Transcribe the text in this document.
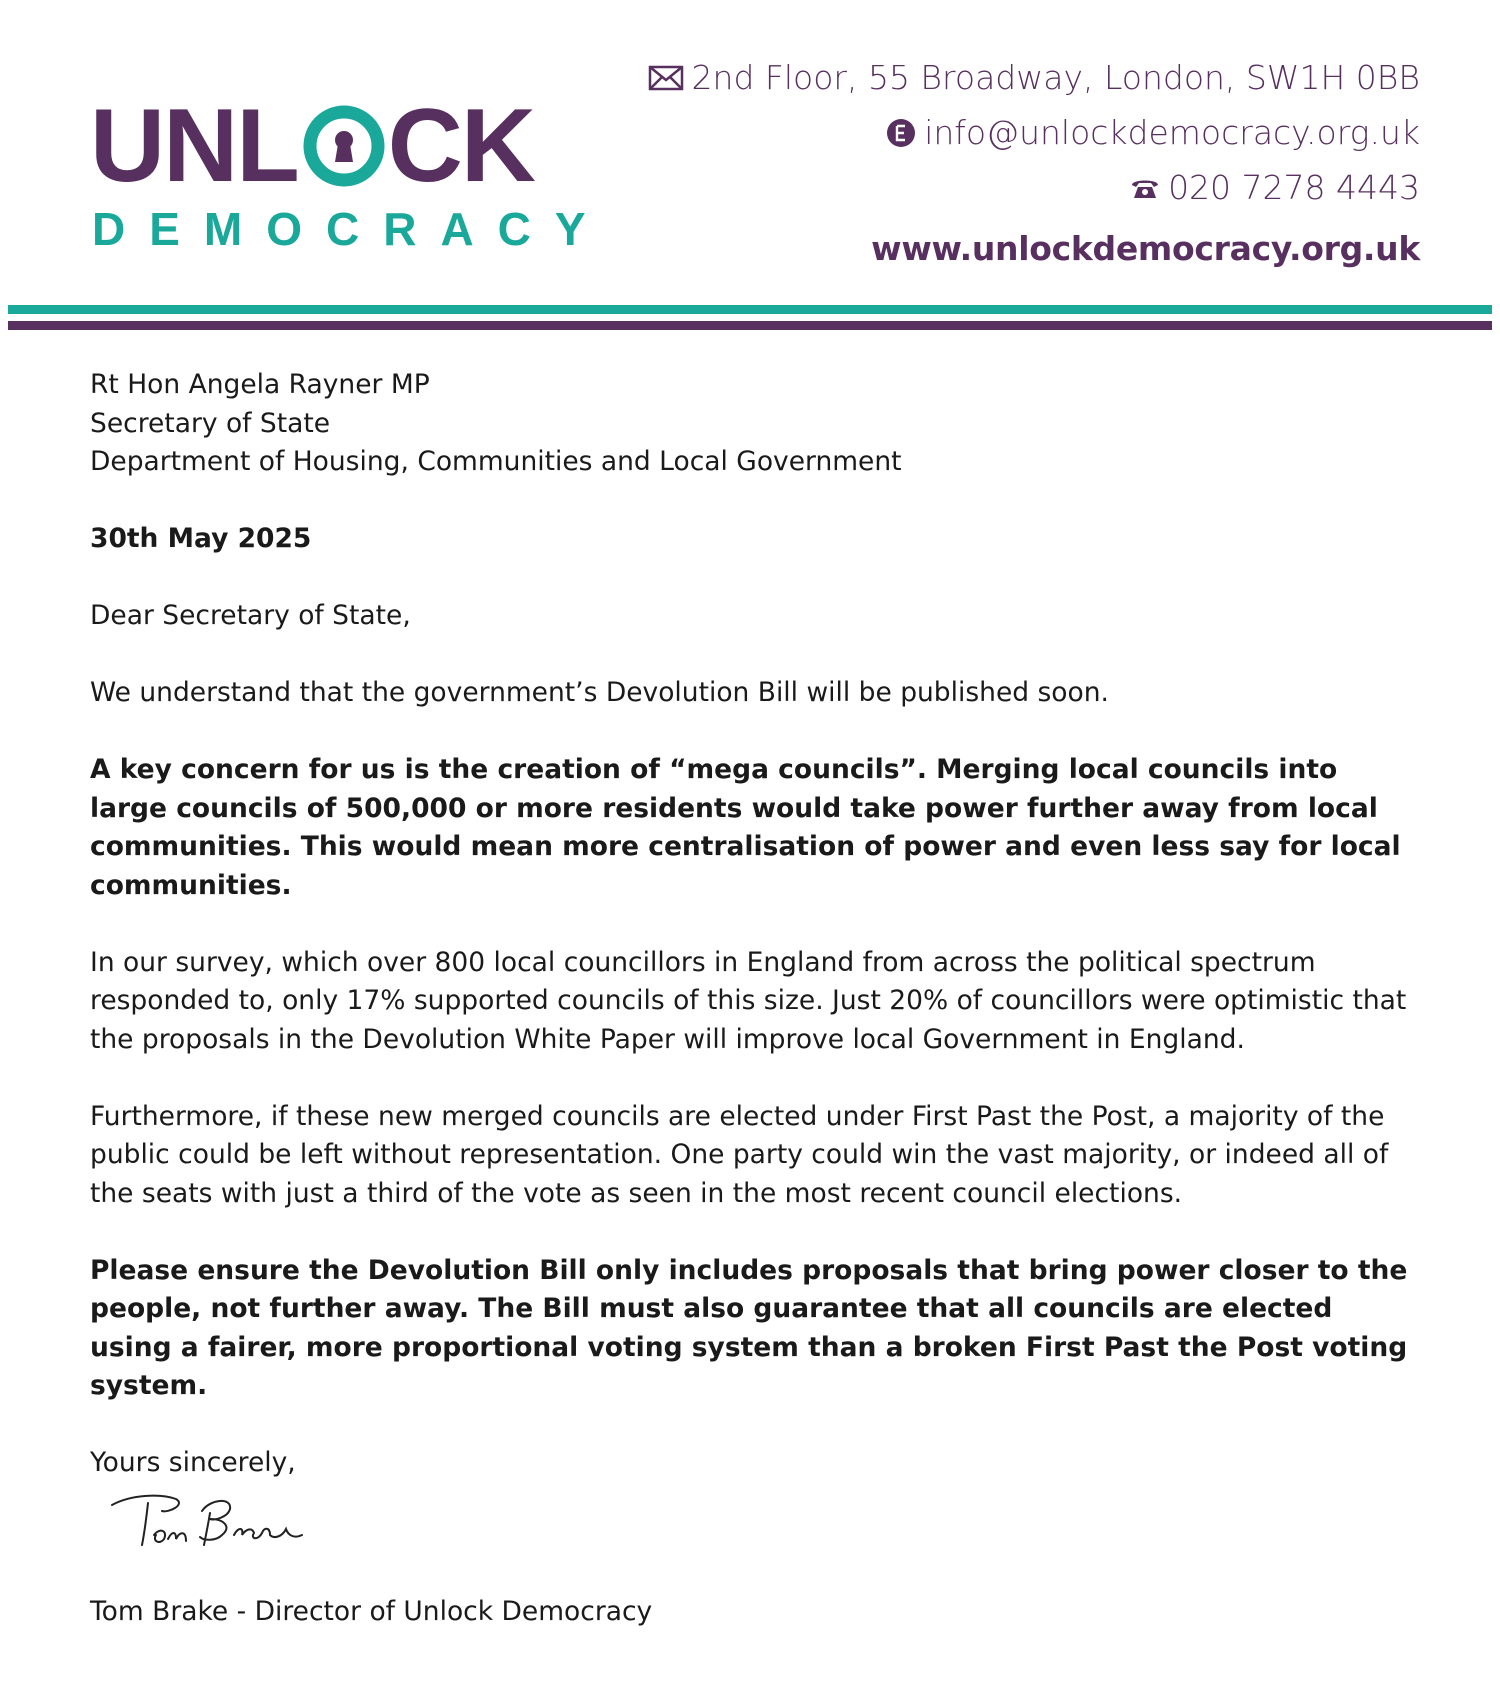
UNL CK
DEMOCRACY
2nd Floor, 55 Broadway, London, SW1H 0BB
info@unlockdemocracy.org.uk
020 7278 4443
www.unlockdemocracy.org.uk

Rt Hon Angela Rayner MP
Secretary of State
Department of Housing, Communities and Local Government

30th May 2025

Dear Secretary of State,

We understand that the government’s Devolution Bill will be published soon.

A key concern for us is the creation of “mega councils”. Merging local councils into large councils of 500,000 or more residents would take power further away from local communities. This would mean more centralisation of power and even less say for local communities.

In our survey, which over 800 local councillors in England from across the political spectrum responded to, only 17% supported councils of this size. Just 20% of councillors were optimistic that the proposals in the Devolution White Paper will improve local Government in England.

Furthermore, if these new merged councils are elected under First Past the Post, a majority of the public could be left without representation. One party could win the vast majority, or indeed all of the seats with just a third of the vote as seen in the most recent council elections.

Please ensure the Devolution Bill only includes proposals that bring power closer to the people, not further away. The Bill must also guarantee that all councils are elected using a fairer, more proportional voting system than a broken First Past the Post voting system.

Yours sincerely,

Tom Brake - Director of Unlock Democracy
